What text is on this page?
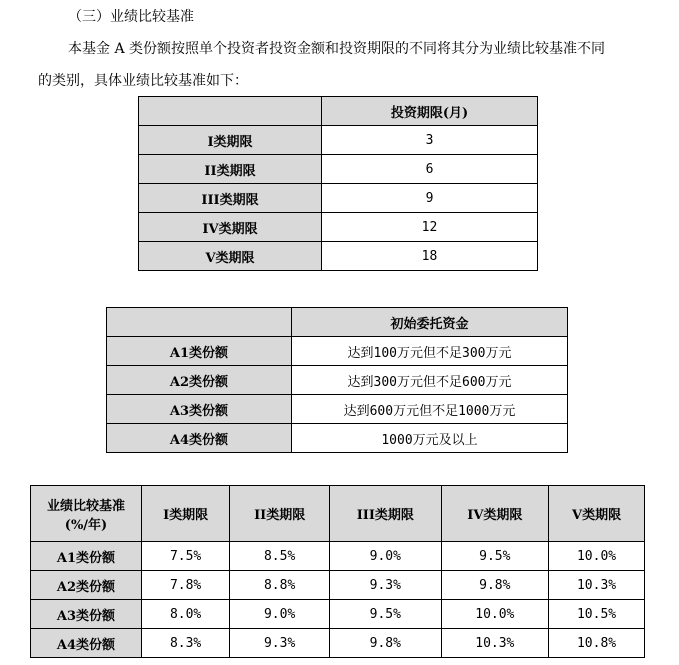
（三）业绩比较基准
本基金 A 类份额按照单个投资者投资金额和投资期限的不同将其分为业绩比较基准不同
的类别，具体业绩比较基准如下：
	投资期限(月)
I类期限	3
II类期限	6
III类期限	9
IV类期限	12
V类期限	18
	初始委托资金
A1类份额	达到100万元但不足300万元
A2类份额	达到300万元但不足600万元
A3类份额	达到600万元但不足1000万元
A4类份额	1000万元及以上
业绩比较基准
(%/年)	I类期限	II类期限	III类期限	IV类期限	V类期限
A1类份额	7.5%	8.5%	9.0%	9.5%	10.0%
A2类份额	7.8%	8.8%	9.3%	9.8%	10.3%
A3类份额	8.0%	9.0%	9.5%	10.0%	10.5%
A4类份额	8.3%	9.3%	9.8%	10.3%	10.8%
